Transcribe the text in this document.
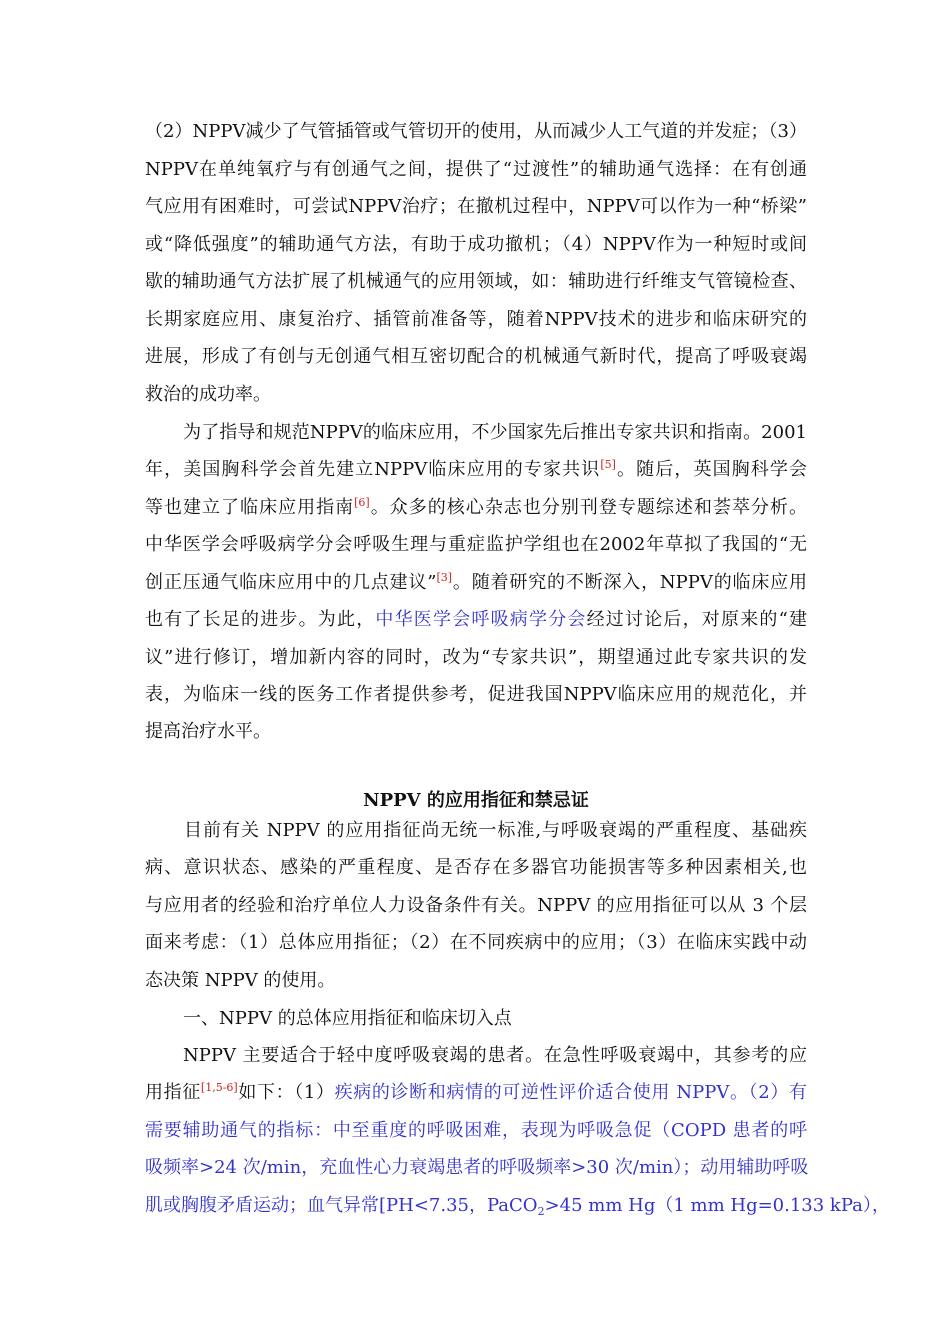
（2）NPPV减少了气管插管或气管切开的使用，从而减少人工气道的并发症；（3）
NPPV在单纯氧疗与有创通气之间，提供了“过渡性”的辅助通气选择：在有创通
气应用有困难时，可尝试NPPV治疗；在撤机过程中，NPPV可以作为一种“桥梁”
或“降低强度”的辅助通气方法，有助于成功撤机；（4）NPPV作为一种短时或间
歇的辅助通气方法扩展了机械通气的应用领域，如：辅助进行纤维支气管镜检查、
长期家庭应用、康复治疗、插管前准备等，随着NPPV技术的进步和临床研究的
进展，形成了有创与无创通气相互密切配合的机械通气新时代，提高了呼吸衰竭
救治的成功率。
为了指导和规范NPPV的临床应用，不少国家先后推出专家共识和指南。2001
年，美国胸科学会首先建立NPPV临床应用的专家共识[5]。随后，英国胸科学会
等也建立了临床应用指南[6]。众多的核心杂志也分别刊登专题综述和荟萃分析。
中华医学会呼吸病学分会呼吸生理与重症监护学组也在2002年草拟了我国的“无
创正压通气临床应用中的几点建议”[3]。随着研究的不断深入，NPPV的临床应用
也有了长足的进步。为此，中华医学会呼吸病学分会经过讨论后，对原来的“建
议”进行修订，增加新内容的同时，改为“专家共识”，期望通过此专家共识的发
表，为临床一线的医务工作者提供参考，促进我国NPPV临床应用的规范化，并
提高治疗水平。
NPPV 的应用指征和禁忌证
目前有关 NPPV 的应用指征尚无统一标准,与呼吸衰竭的严重程度、基础疾
病、意识状态、感染的严重程度、是否存在多器官功能损害等多种因素相关,也
与应用者的经验和治疗单位人力设备条件有关。NPPV 的应用指征可以从 3 个层
面来考虑：（1）总体应用指征；（2）在不同疾病中的应用；（3）在临床实践中动
态决策 NPPV 的使用。
一、NPPV 的总体应用指征和临床切入点
NPPV 主要适合于轻中度呼吸衰竭的患者。在急性呼吸衰竭中，其参考的应
用指征[1,5-6]如下：（1）疾病的诊断和病情的可逆性评价适合使用 NPPV。（2）有
需要辅助通气的指标：中至重度的呼吸困难，表现为呼吸急促（COPD 患者的呼
吸频率>24 次/min，充血性心力衰竭患者的呼吸频率>30 次/min）；动用辅助呼吸
肌或胸腹矛盾运动；血气异常[PH<7.35，PaCO$_2$>45 mm Hg（1 mm Hg=0.133 kPa），
